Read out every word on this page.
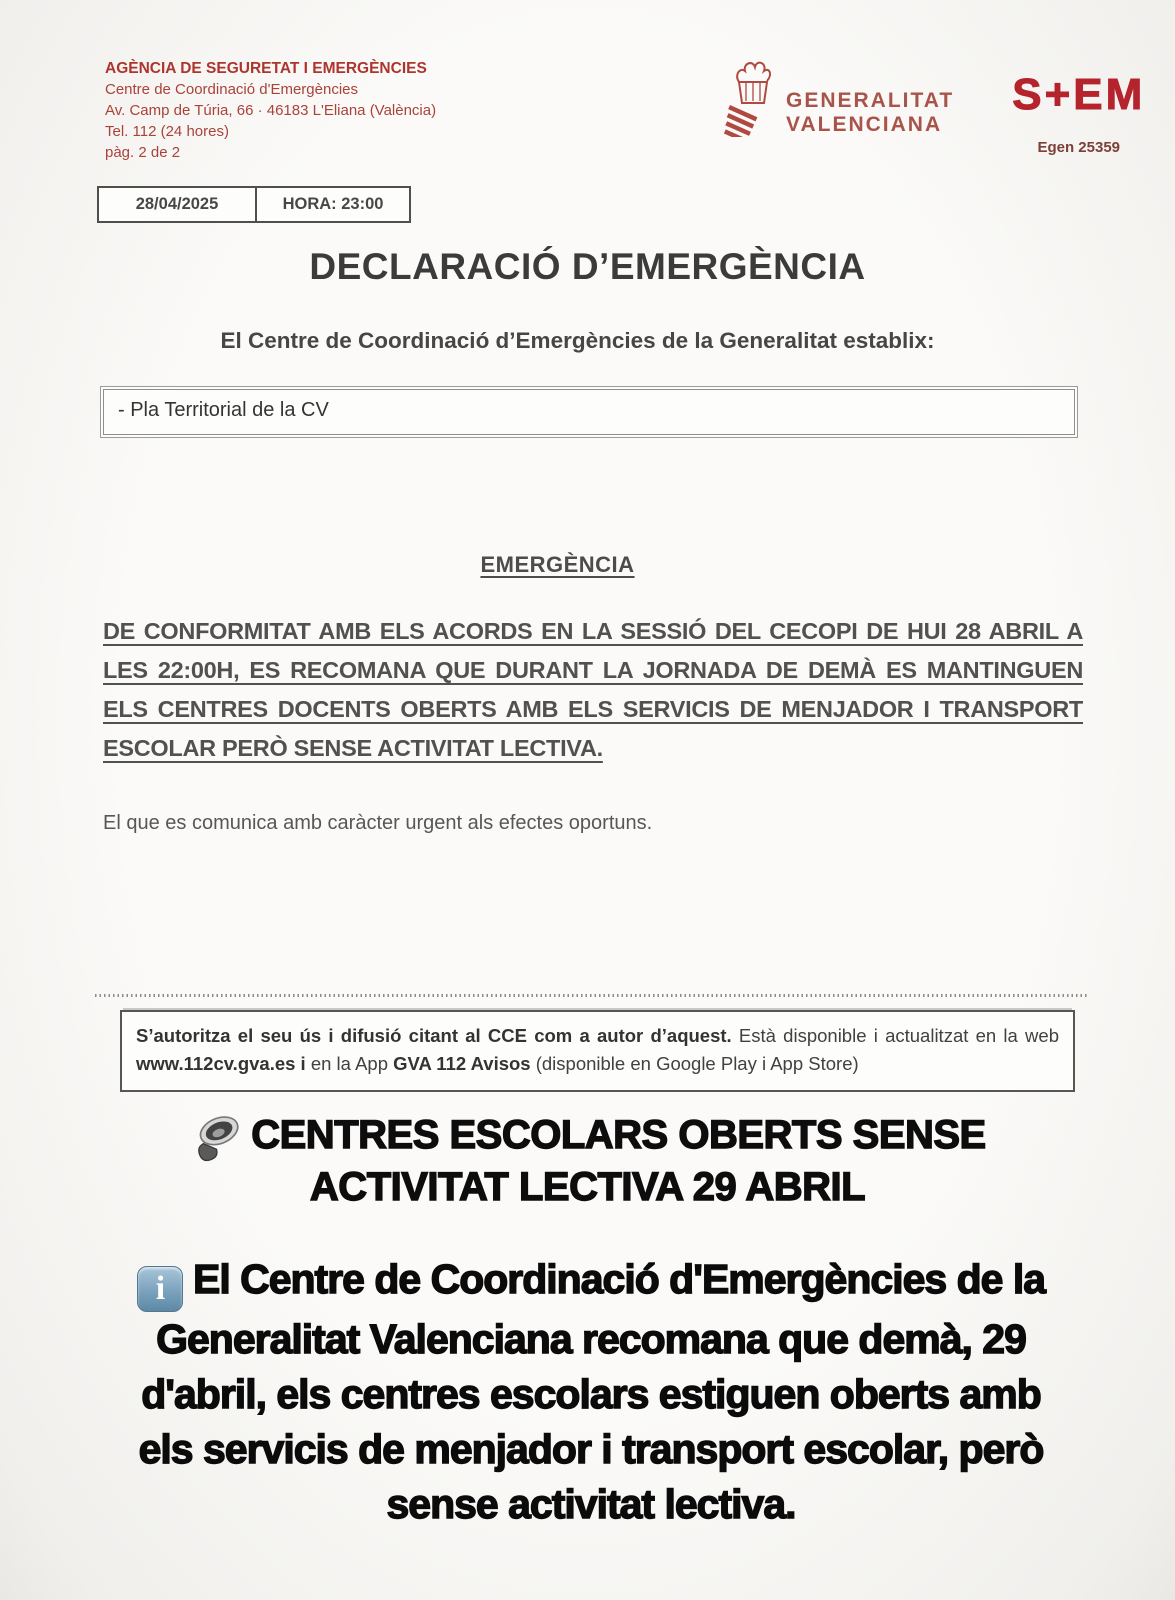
AGÈNCIA DE SEGURETAT I EMERGÈNCIES
Centre de Coordinació d'Emergències
Av. Camp de Túria, 66 · 46183 L'Eliana (València)
Tel. 112 (24 hores)
pàg. 2 de 2
GENERALITAT
VALENCIANA
S+EM
Egen 25359
28/04/2025	HORA: 23:00
DECLARACIÓ D’EMERGÈNCIA
El Centre de Coordinació d’Emergències de la Generalitat establix:
- Pla Territorial de la CV
EMERGÈNCIA
DE CONFORMITAT AMB ELS ACORDS EN LA SESSIÓ DEL CECOPI DE HUI 28 ABRIL A LES 22:00H, ES RECOMANA QUE DURANT LA JORNADA DE DEMÀ ES MANTINGUEN ELS CENTRES DOCENTS OBERTS AMB ELS SERVICIS DE MENJADOR I TRANSPORT ESCOLAR PERÒ SENSE ACTIVITAT LECTIVA.
El que es comunica amb caràcter urgent als efectes oportuns.
S’autoritza el seu ús i difusió citant al CCE com a autor d’aquest. Està disponible i actualitzat en la web www.112cv.gva.es i en la App GVA 112 Avisos (disponible en Google Play i App Store)
CENTRES ESCOLARS OBERTS SENSE
ACTIVITAT LECTIVA 29 ABRIL
i El Centre de Coordinació d'Emergències de la Generalitat Valenciana recomana que demà, 29 d'abril, els centres escolars estiguen oberts amb els servicis de menjador i transport escolar, però sense activitat lectiva.
